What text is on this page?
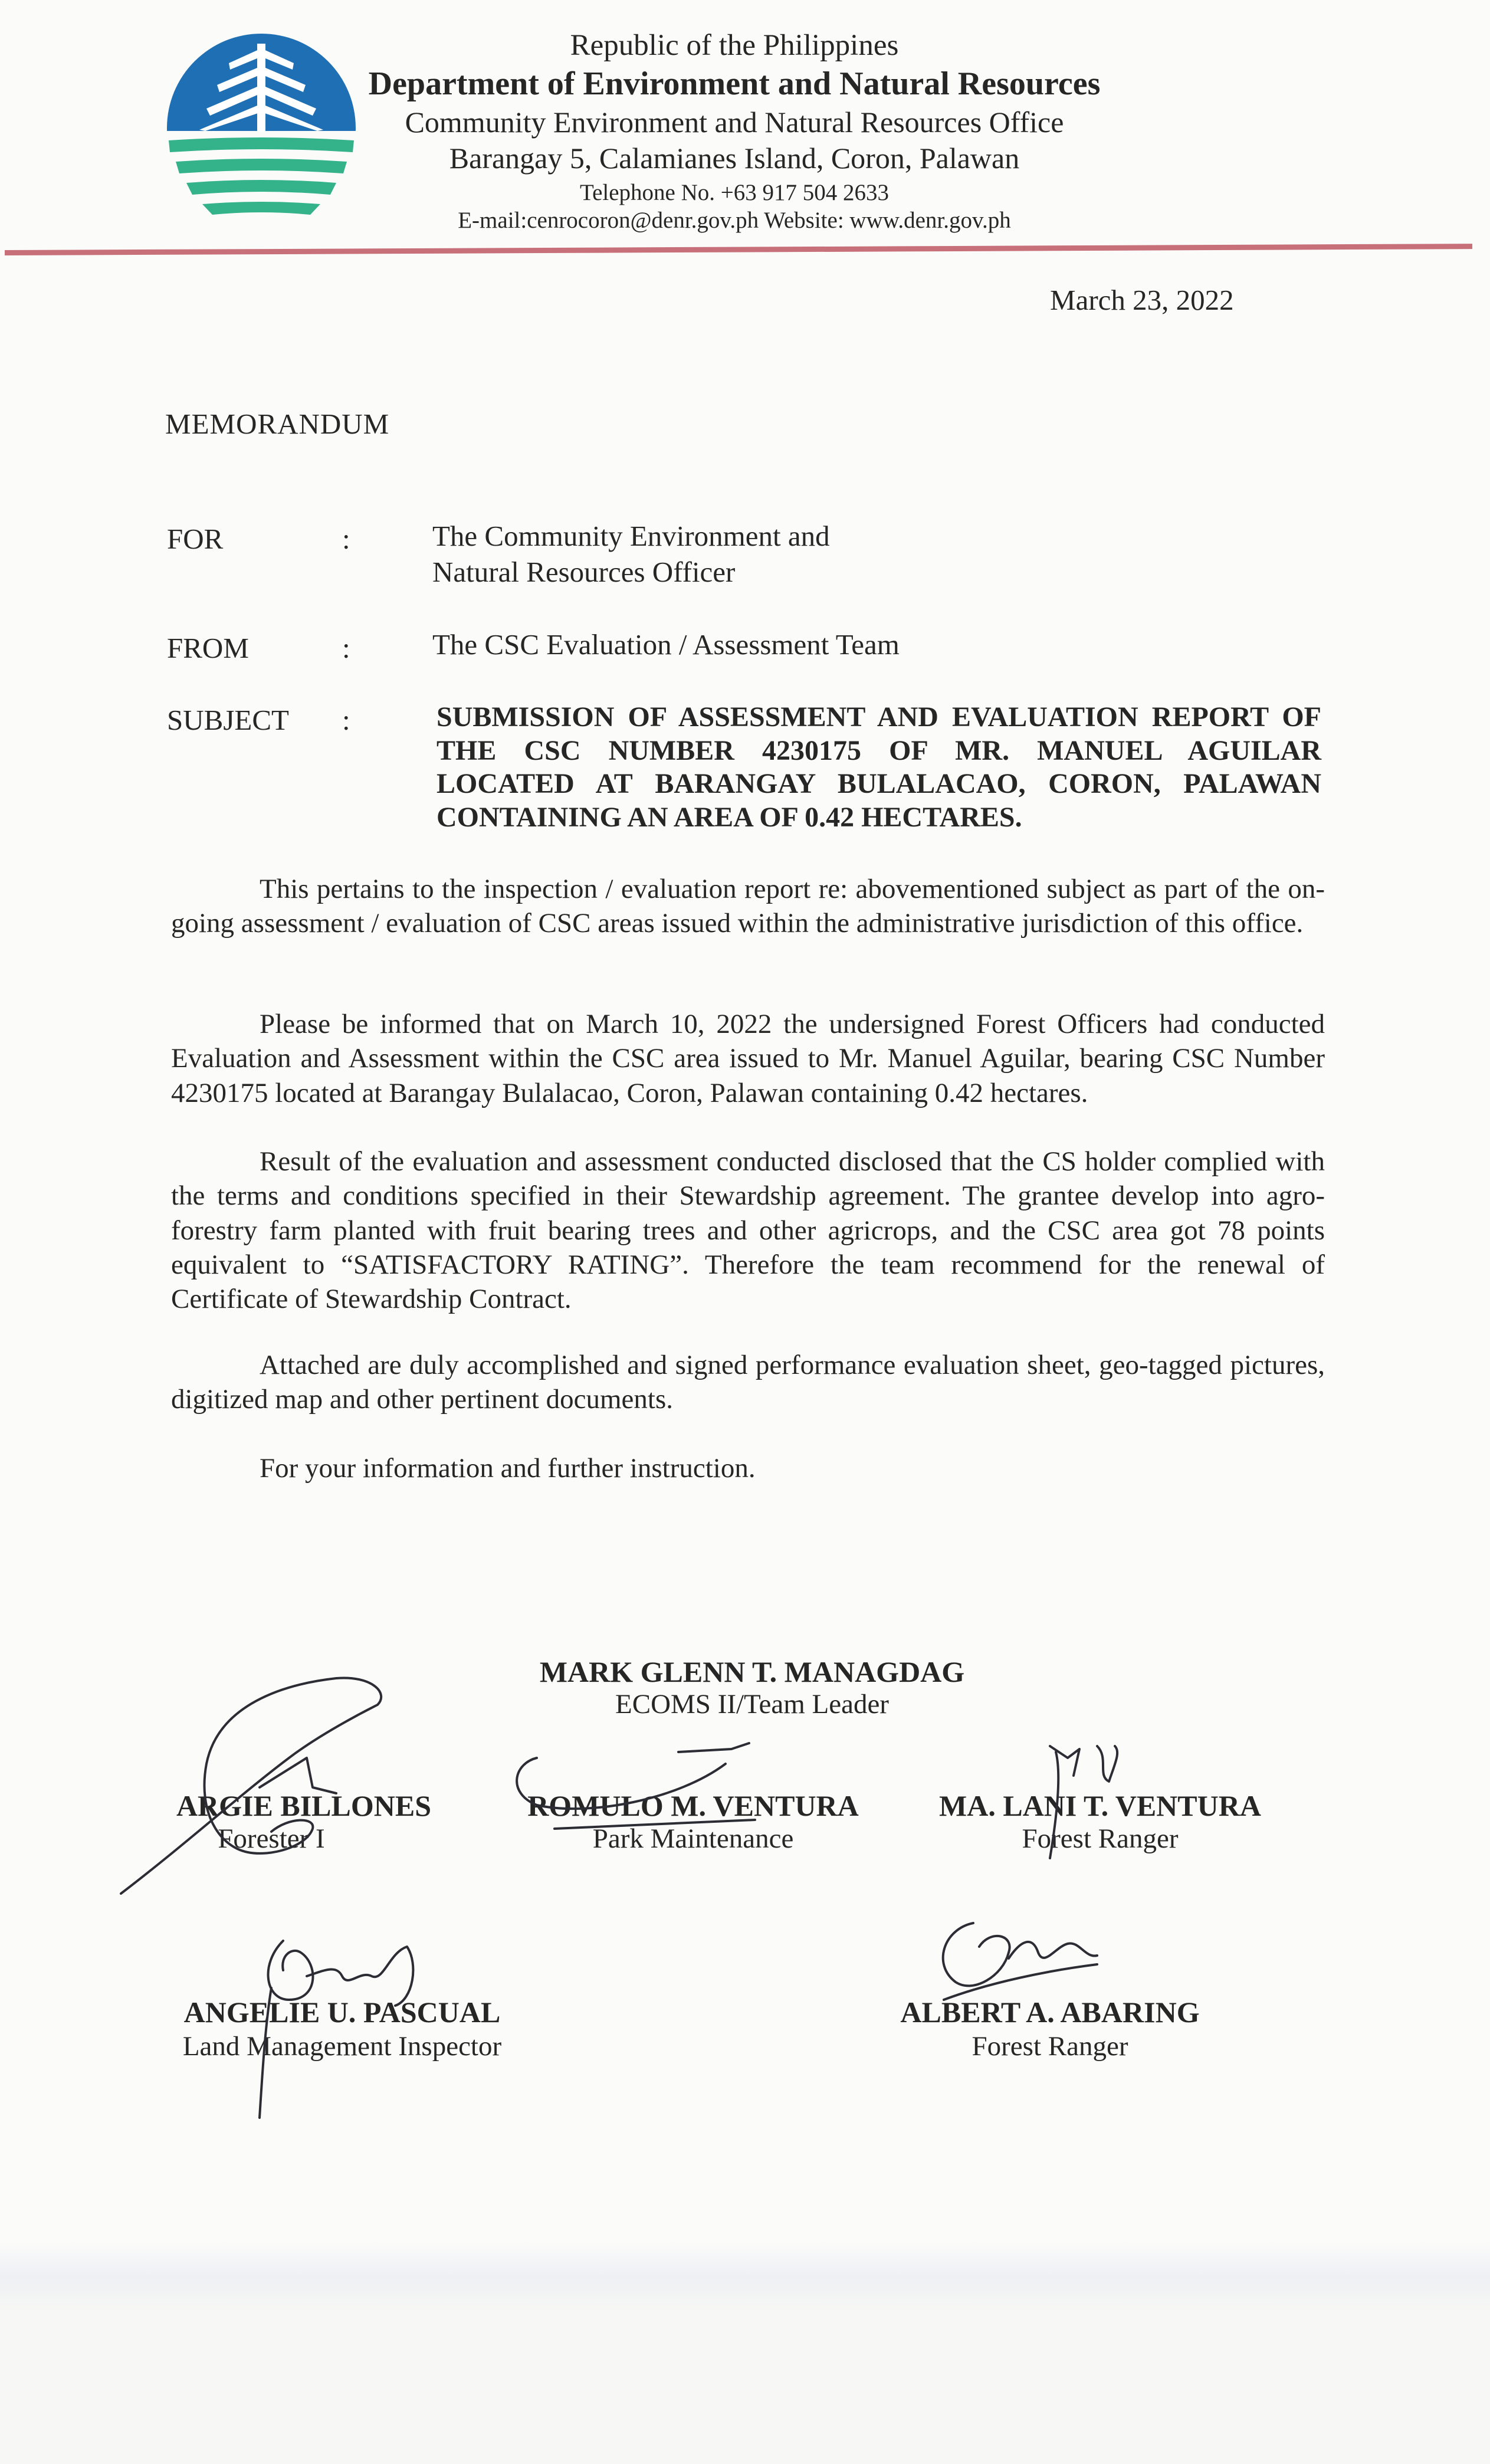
Republic of the Philippines

Department of Environment and Natural Resources

Community Environment and Natural Resources Office

Barangay 5, Calamianes Island, Coron, Palawan

Telephone No. +63 917 504 2633

E-mail:cenrocoron@denr.gov.ph Website: www.denr.gov.ph

March 23, 2022
MEMORANDUM
FOR	:	The Community Environment and
Natural Resources Officer
FROM	:	The CSC Evaluation / Assessment Team
SUBJECT :	SUBMISSION OF ASSESSMENT AND EVALUATION REPORT OF THE CSC NUMBER 4230175 OF MR. MANUEL AGUILAR LOCATED AT BARANGAY BULALACAO, CORON, PALAWAN CONTAINING AN AREA OF 0.42 HECTARES.

This pertains to the inspection / evaluation report re: abovementioned subject as part of the on-going assessment / evaluation of CSC areas issued within the administrative jurisdiction of this office.

Please be informed that on March 10, 2022 the undersigned Forest Officers had conducted Evaluation and Assessment within the CSC area issued to Mr. Manuel Aguilar, bearing CSC Number 4230175 located at Barangay Bulalacao, Coron, Palawan containing 0.42 hectares.

Result of the evaluation and assessment conducted disclosed that the CS holder complied with the terms and conditions specified in their Stewardship agreement. The grantee develop into agro-forestry farm planted with fruit bearing trees and other agricrops, and the CSC area got 78 points equivalent to “SATISFACTORY RATING”. Therefore the team recommend for the renewal of Certificate of Stewardship Contract.

Attached are duly accomplished and signed performance evaluation sheet, geo-tagged pictures, digitized map and other pertinent documents.

For your information and further instruction.

MARK GLENN T. MANAGDAG
ECOMS II/Team Leader
ARGIE BILLONES
Forester I
ROMULO M. VENTURA
Park Maintenance
MA. LANI T. VENTURA
Forest Ranger
ANGELIE U. PASCUAL
Land Management Inspector
ALBERT A. ABARING
Forest Ranger
